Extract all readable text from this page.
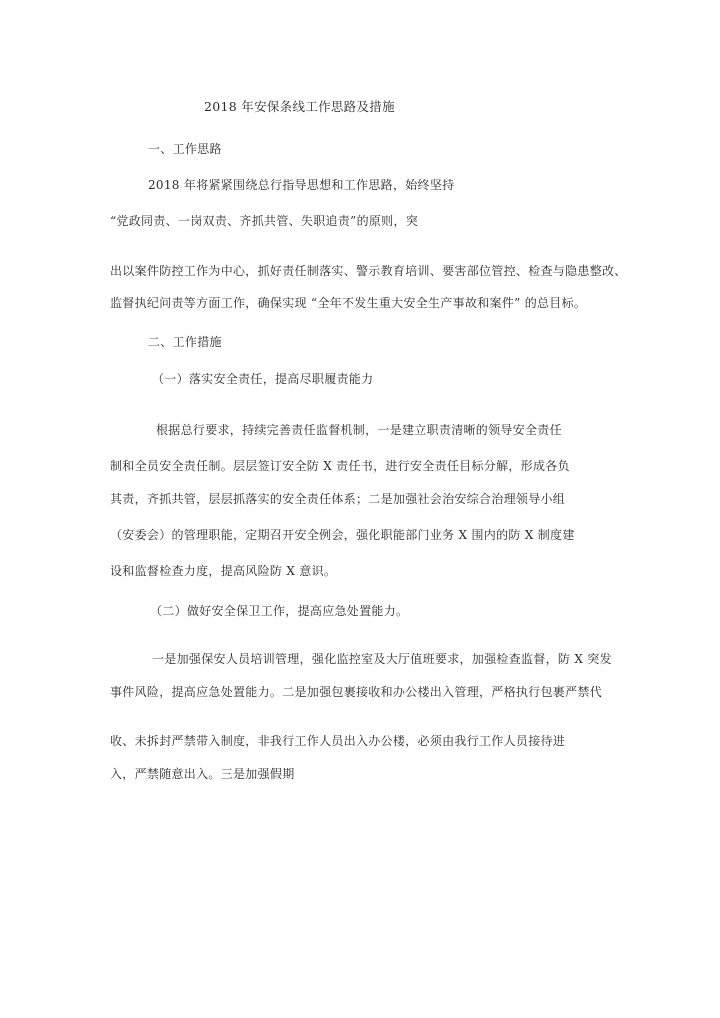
2018 年安保条线工作思路及措施
一、工作思路
2018 年将紧紧围绕总行指导思想和工作思路，始终坚持
“党政同责、一岗双责、齐抓共管、失职追责”的原则，突
出以案件防控工作为中心，抓好责任制落实、警示教育培训、要害部位管控、检查与隐患整改、
监督执纪问责等方面工作，确保实现 “全年不发生重大安全生产事故和案件” 的总目标。
二、工作措施
（一）落实安全责任，提高尽职履责能力
根据总行要求，持续完善责任监督机制，一是建立职责清晰的领导安全责任
制和全员安全责任制。层层签订安全防 X 责任书，进行安全责任目标分解，形成各负
其责，齐抓共管，层层抓落实的安全责任体系；二是加强社会治安综合治理领导小组
（安委会）的管理职能，定期召开安全例会，强化职能部门业务 X 围内的防 X 制度建
设和监督检查力度，提高风险防 X 意识。
（二）做好安全保卫工作，提高应急处置能力。
一是加强保安人员培训管理，强化监控室及大厅值班要求，加强检查监督，防 X 突发
事件风险，提高应急处置能力。二是加强包裹接收和办公楼出入管理，严格执行包裹严禁代
收、未拆封严禁带入制度，非我行工作人员出入办公楼，必须由我行工作人员接待进
入，严禁随意出入。三是加强假期
